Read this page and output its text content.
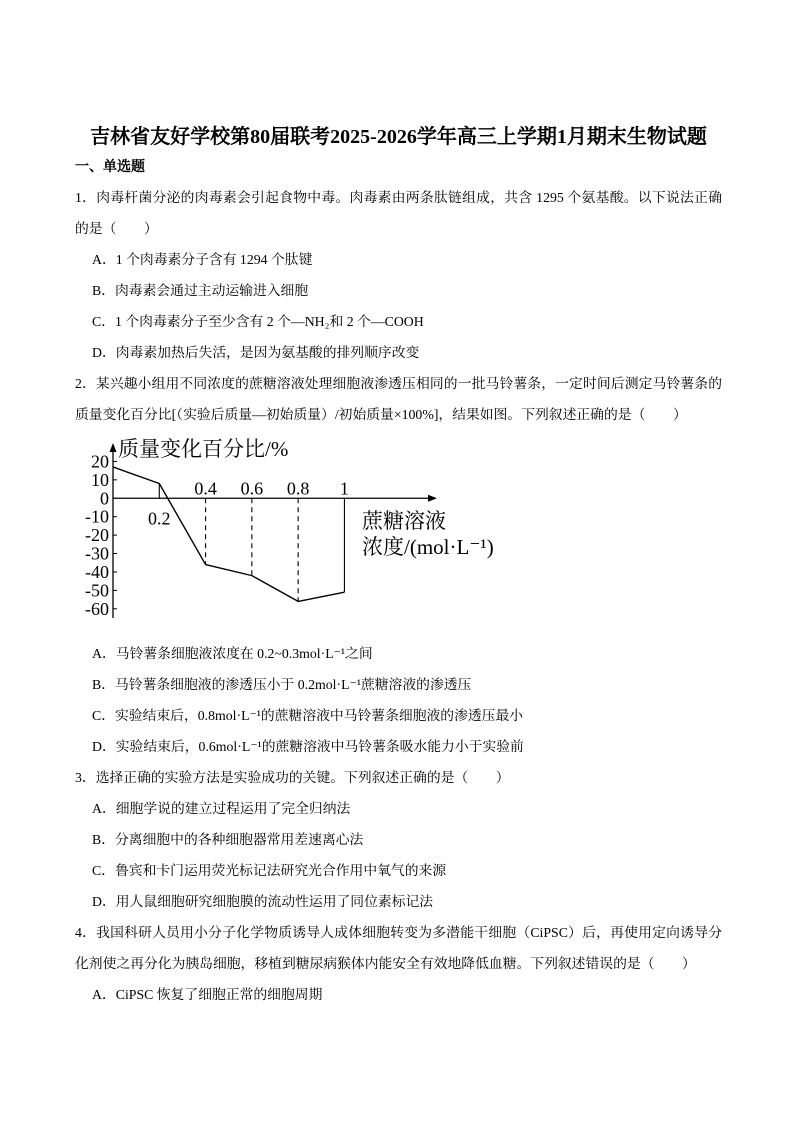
吉林省友好学校第80届联考2025-2026学年高三上学期1月期末生物试题
一、单选题
1．肉毒杆菌分泌的肉毒素会引起食物中毒。肉毒素由两条肽链组成，共含 1295 个氨基酸。以下说法正确
的是（　　）
A．1 个肉毒素分子含有 1294 个肽键
B．肉毒素会通过主动运输进入细胞
C．1 个肉毒素分子至少含有 2 个—NH₂和 2 个—COOH
D．肉毒素加热后失活，是因为氨基酸的排列顺序改变
2．某兴趣小组用不同浓度的蔗糖溶液处理细胞液渗透压相同的一批马铃薯条，一定时间后测定马铃薯条的
质量变化百分比[（实验后质量—初始质量）/初始质量×100%]，结果如图。下列叙述正确的是（　　）
20
10
0
-10
-20
-30
-40
-50
-60
0.2
0.4 0.6 0.8 1
质量变化百分比/%
蔗糖溶液
浓度/(mol·L⁻¹)
A．马铃薯条细胞液浓度在 0.2~0.3mol·L⁻¹之间
B．马铃薯条细胞液的渗透压小于 0.2mol·L⁻¹蔗糖溶液的渗透压
C．实验结束后，0.8mol·L⁻¹的蔗糖溶液中马铃薯条细胞液的渗透压最小
D．实验结束后，0.6mol·L⁻¹的蔗糖溶液中马铃薯条吸水能力小于实验前
3．选择正确的实验方法是实验成功的关键。下列叙述正确的是（　　）
A．细胞学说的建立过程运用了完全归纳法
B．分离细胞中的各种细胞器常用差速离心法
C．鲁宾和卡门运用荧光标记法研究光合作用中氧气的来源
D．用人鼠细胞研究细胞膜的流动性运用了同位素标记法
4．我国科研人员用小分子化学物质诱导人成体细胞转变为多潜能干细胞（CiPSC）后，再使用定向诱导分
化剂使之再分化为胰岛细胞，移植到糖尿病猴体内能安全有效地降低血糖。下列叙述错误的是（　　）
A．CiPSC 恢复了细胞正常的细胞周期
